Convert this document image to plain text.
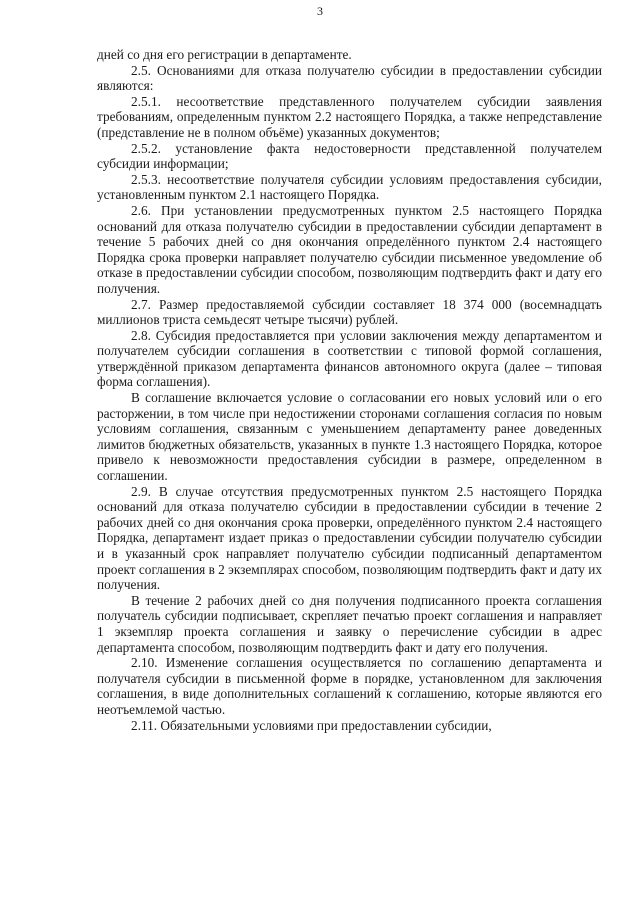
3

дней со дня его регистрации в департаменте.

2.5. Основаниями для отказа получателю субсидии в предоставлении субсидии являются:

2.5.1. несоответствие представленного получателем субсидии заявления требованиям, определенным пунктом 2.2 настоящего Порядка, а также непредставление (представление не в полном объёме) указанных документов;

2.5.2. установление факта недостоверности представленной получателем субсидии информации;

2.5.3. несоответствие получателя субсидии условиям предоставления субсидии, установленным пунктом 2.1 настоящего Порядка.

2.6. При установлении предусмотренных пунктом 2.5 настоящего Порядка оснований для отказа получателю субсидии в предоставлении субсидии департамент в течение 5 рабочих дней со дня окончания определённого пунктом 2.4 настоящего Порядка срока проверки направляет получателю субсидии письменное уведомление об отказе в предоставлении субсидии способом, позволяющим подтвердить факт и дату его получения.

2.7. Размер предоставляемой субсидии составляет 18 374 000 (восемнадцать миллионов триста семьдесят четыре тысячи) рублей.

2.8. Субсидия предоставляется при условии заключения между департаментом и получателем субсидии соглашения в соответствии с типовой формой соглашения, утверждённой приказом департамента финансов автономного округа (далее – типовая форма соглашения).

В соглашение включается условие о согласовании его новых условий или о его расторжении, в том числе при недостижении сторонами соглашения согласия по новым условиям соглашения, связанным с уменьшением департаменту ранее доведенных лимитов бюджетных обязательств, указанных в пункте 1.3 настоящего Порядка, которое привело к невозможности предоставления субсидии в размере, определенном в соглашении.

2.9. В случае отсутствия предусмотренных пунктом 2.5 настоящего Порядка оснований для отказа получателю субсидии в предоставлении субсидии в течение 2 рабочих дней со дня окончания срока проверки, определённого пунктом 2.4 настоящего Порядка, департамент издает приказ о предоставлении субсидии получателю субсидии и в указанный срок направляет получателю субсидии подписанный департаментом проект соглашения в 2 экземплярах способом, позволяющим подтвердить факт и дату их получения.

В течение 2 рабочих дней со дня получения подписанного проекта соглашения получатель субсидии подписывает, скрепляет печатью проект соглашения и направляет 1 экземпляр проекта соглашения и заявку о перечисление субсидии в адрес департамента способом, позволяющим подтвердить факт и дату его получения.

2.10. Изменение соглашения осуществляется по соглашению департамента и получателя субсидии в письменной форме в порядке, установленном для заключения соглашения, в виде дополнительных соглашений к соглашению, которые являются его неотъемлемой частью.

2.11. Обязательными условиями при предоставлении субсидии,
